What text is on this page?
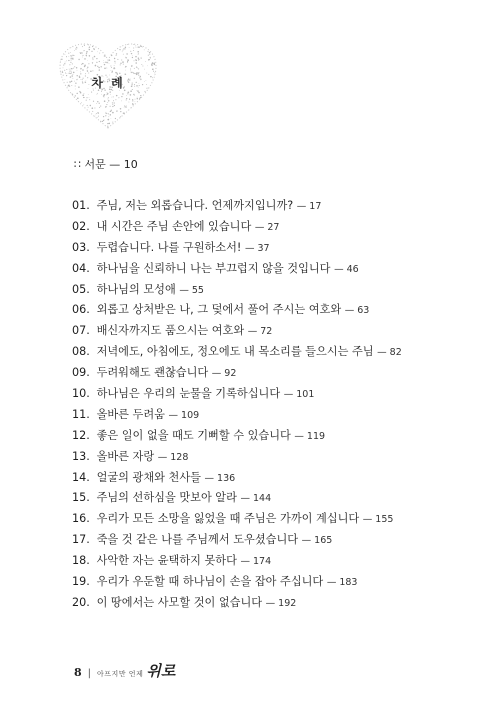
차 례
∷ 서문 — 10
01. 주님, 저는 외롭습니다. 언제까지입니까? — 17
02. 내 시간은 주님 손안에 있습니다 — 27
03. 두렵습니다. 나를 구원하소서! — 37
04. 하나님을 신뢰하니 나는 부끄럽지 않을 것입니다 — 46
05. 하나님의 모성애 — 55
06. 외롭고 상처받은 나, 그 덫에서 풀어 주시는 여호와 — 63
07. 배신자까지도 품으시는 여호와 — 72
08. 저녁에도, 아침에도, 정오에도 내 목소리를 들으시는 주님 — 82
09. 두려워해도 괜찮습니다 — 92
10. 하나님은 우리의 눈물을 기록하십니다 — 101
11. 올바른 두려움 — 109
12. 좋은 일이 없을 때도 기뻐할 수 있습니다 — 119
13. 올바른 자랑 — 128
14. 얼굴의 광채와 천사들 — 136
15. 주님의 선하심을 맛보아 알라 — 144
16. 우리가 모든 소망을 잃었을 때 주님은 가까이 계십니다 — 155
17. 죽을 것 같은 나를 주님께서 도우셨습니다 — 165
18. 사악한 자는 윤택하지 못하다 — 174
19. 우리가 우둔할 때 하나님이 손을 잡아 주십니다 — 183
20. 이 땅에서는 사모할 것이 없습니다 — 192
8 | 아프지만 언제 위로
